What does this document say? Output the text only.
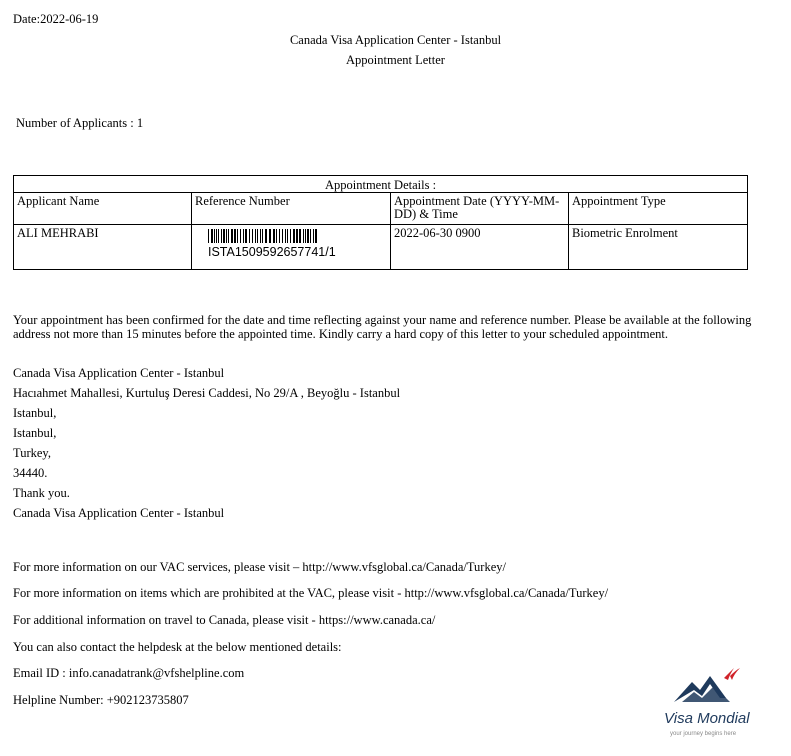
Date:2022-06-19
Canada Visa Application Center - Istanbul
Appointment Letter
Number of Applicants : 1
Appointment Details :			
Applicant Name	Reference Number	Appointment Date (YYYY-MM-DD) & Time	Appointment Type
ALI MEHRABI	ISTA1509592657741/1	2022-06-30 0900	Biometric Enrolment
Your appointment has been confirmed for the date and time reflecting against your name and reference number. Please be available at the following address not more than 15 minutes before the appointed time. Kindly carry a hard copy of this letter to your scheduled appointment.
Canada Visa Application Center - Istanbul
Hacıahmet Mahallesi, Kurtuluş Deresi Caddesi, No 29/A , Beyoğlu - Istanbul
Istanbul,
Istanbul,
Turkey,
34440.
Thank you.
Canada Visa Application Center - Istanbul
For more information on our VAC services, please visit – http://www.vfsglobal.ca/Canada/Turkey/
For more information on items which are prohibited at the VAC, please visit - http://www.vfsglobal.ca/Canada/Turkey/
For additional information on travel to Canada, please visit - https://www.canada.ca/
You can also contact the helpdesk at the below mentioned details:
Email ID : info.canadatrank@vfshelpline.com
Helpline Number: +902123735807
Visa Mondial
your journey begins here
